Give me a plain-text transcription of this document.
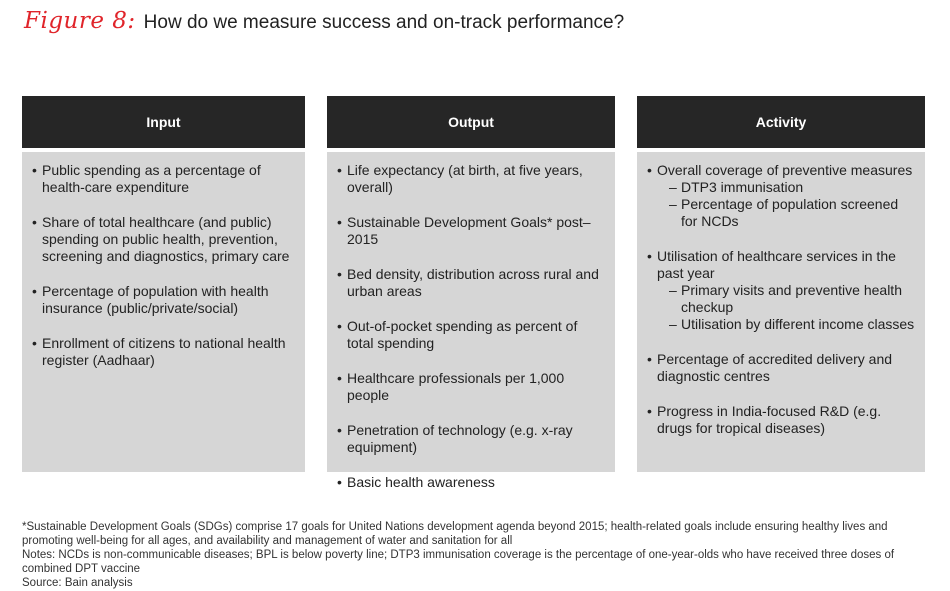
Figure 8: How do we measure success and on-track performance?
Input
• Public spending as a percentage of health-care expenditure
• Share of total healthcare (and public) spending on public health, prevention, screening and diagnostics, primary care
• Percentage of population with health insurance (public/private/social)
• Enrollment of citizens to national health register (Aadhaar)
Output
• Life expectancy (at birth, at five years, overall)
• Sustainable Development Goals* post–2015
• Bed density, distribution across rural and urban areas
• Out-of-pocket spending as percent of total spending
• Healthcare professionals per 1,000 people
• Penetration of technology (e.g. x-ray equipment)
• Basic health awareness
Activity
• Overall coverage of preventive measures
– DTP3 immunisation
– Percentage of population screened for NCDs
• Utilisation of healthcare services in the past year
– Primary visits and preventive health checkup
– Utilisation by different income classes
• Percentage of accredited delivery and diagnostic centres
• Progress in India-focused R&D (e.g. drugs for tropical diseases)

*Sustainable Development Goals (SDGs) comprise 17 goals for United Nations development agenda beyond 2015; health-related goals include ensuring healthy lives and promoting well-being for all ages, and availability and management of water and sanitation for all

Notes: NCDs is non-communicable diseases; BPL is below poverty line; DTP3 immunisation coverage is the percentage of one-year-olds who have received three doses of combined DPT vaccine

Source: Bain analysis
